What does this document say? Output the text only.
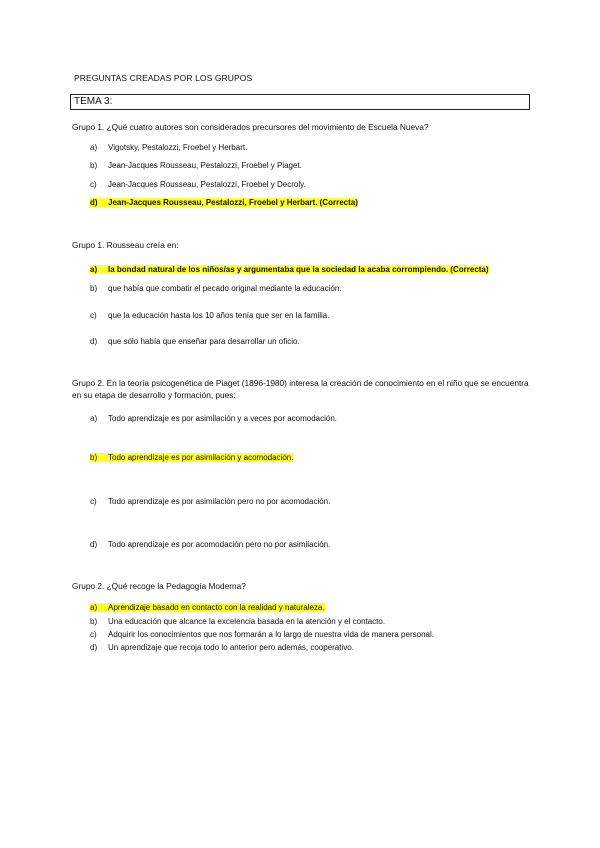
PREGUNTAS CREADAS POR LOS GRUPOS
TEMA 3:
Grupo 1. ¿Qué cuatro autores son considerados precursores del movimiento de Escuela Nueva?
a) Vigotsky, Pestalozzi, Froebel y Herbart.
b) Jean-Jacques Rousseau, Pestalozzi, Froebel y Piaget.
c) Jean-Jacques Rousseau, Pestalozzi, Froebel y Decroly.
d) Jean-Jacques Rousseau, Pestalozzi, Froebel y Herbart. (Correcta)
Grupo 1. Rousseau creía en:
a) la bondad natural de los niños/as y argumentaba que la sociedad la acaba corrompiendo. (Correcta)
b) que había que combatir el pecado original mediante la educación.
c) que la educación hasta los 10 años tenía que ser en la familia.
d) que sólo había que enseñar para desarrollar un oficio.
Grupo 2. En la teoría psicogenética de Piaget (1896-1980) interesa la creación de conocimiento en el niño que se encuentra en su etapa de desarrollo y formación, pues:
a) Todo aprendizaje es por asimilación y a veces por acomodación.
b) Todo aprendizaje es por asimilación y acomodación.
c) Todo aprendizaje es por asimilación pero no por acomodación.
d) Todo aprendizaje es por acomodación pero no por asimilación.
Grupo 2. ¿Qué recoge la Pedagogía Moderna?
a) Aprendizaje basado en contacto con la realidad y naturaleza.
b) Una educación que alcance la excelencia basada en la atención y el contacto.
c) Adquirir los conocimientos que nos formarán a lo largo de nuestra vida de manera personal.
d) Un aprendizaje que recoja todo lo anterior pero además, cooperativo.
